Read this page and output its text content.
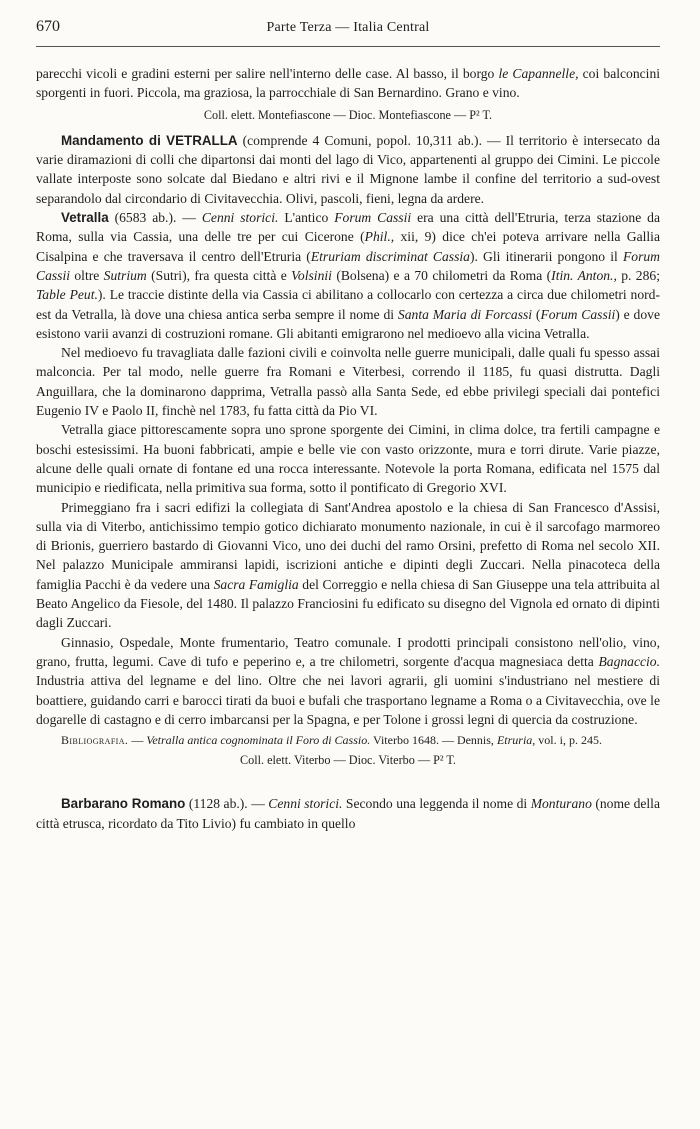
670	Parte Terza — Italia Central

parecchi vicoli e gradini esterni per salire nell'interno delle case. Al basso, il borgo le Capannelle, coi balconcini sporgenti in fuori. Piccola, ma graziosa, la parrocchiale di San Bernardino. Grano e vino.

Coll. elett. Montefiascone — Dioc. Montefiascone — P² T.

Mandamento di VETRALLA (comprende 4 Comuni, popol. 10,311 ab.). — Il territorio è intersecato da varie diramazioni di colli che dipartonsi dai monti del lago di Vico, appartenenti al gruppo dei Cimini. Le piccole vallate interposte sono solcate dal Biedano e altri rivi e il Mignone lambe il confine del territorio a sud-ovest separandolo dal circondario di Civitavecchia. Olivi, pascoli, fieni, legna da ardere.

Vetralla (6583 ab.). — Cenni storici. L'antico Forum Cassii era una città dell'Etruria, terza stazione da Roma, sulla via Cassia, una delle tre per cui Cicerone (Phil., xii, 9) dice ch'ei poteva arrivare nella Gallia Cisalpina e che traversava il centro dell'Etruria (Etruriam discriminat Cassia). Gli itinerarii pongono il Forum Cassii oltre Sutrium (Sutri), fra questa città e Volsinii (Bolsena) e a 70 chilometri da Roma (Itin. Anton., p. 286; Table Peut.). Le traccie distinte della via Cassia ci abilitano a collocarlo con certezza a circa due chilometri nord-est da Vetralla, là dove una chiesa antica serba sempre il nome di Santa Maria di Forcassi (Forum Cassii) e dove esistono varii avanzi di costruzioni romane. Gli abitanti emigrarono nel medioevo alla vicina Vetralla.

Nel medioevo fu travagliata dalle fazioni civili e coinvolta nelle guerre municipali, dalle quali fu spesso assai malconcia. Per tal modo, nelle guerre fra Romani e Viterbesi, correndo il 1185, fu quasi distrutta. Dagli Anguillara, che la dominarono dapprima, Vetralla passò alla Santa Sede, ed ebbe privilegi speciali dai pontefici Eugenio IV e Paolo II, finchè nel 1783, fu fatta città da Pio VI.

Vetralla giace pittorescamente sopra uno sprone sporgente dei Cimini, in clima dolce, tra fertili campagne e boschi estesissimi. Ha buoni fabbricati, ampie e belle vie con vasto orizzonte, mura e torri dirute. Varie piazze, alcune delle quali ornate di fontane ed una rocca interessante. Notevole la porta Romana, edificata nel 1575 dal municipio e riedificata, nella primitiva sua forma, sotto il pontificato di Gregorio XVI.

Primeggiano fra i sacri edifizi la collegiata di Sant'Andrea apostolo e la chiesa di San Francesco d'Assisi, sulla via di Viterbo, antichissimo tempio gotico dichiarato monumento nazionale, in cui è il sarcofago marmoreo di Brionis, guerriero bastardo di Giovanni Vico, uno dei duchi del ramo Orsini, prefetto di Roma nel secolo XII. Nel palazzo Municipale ammiransi lapidi, iscrizioni antiche e dipinti degli Zuccari. Nella pinacoteca della famiglia Pacchi è da vedere una Sacra Famiglia del Correggio e nella chiesa di San Giuseppe una tela attribuita al Beato Angelico da Fiesole, del 1480. Il palazzo Franciosini fu edificato su disegno del Vignola ed ornato di dipinti dagli Zuccari.

Ginnasio, Ospedale, Monte frumentario, Teatro comunale. I prodotti principali consistono nell'olio, vino, grano, frutta, legumi. Cave di tufo e peperino e, a tre chilometri, sorgente d'acqua magnesiaca detta Bagnaccio. Industria attiva del legname e del lino. Oltre che nei lavori agrarii, gli uomini s'industriano nel mestiere di boattiere, guidando carri e barocci tirati da buoi e bufali che trasportano legname a Roma o a Civitavecchia, ove le dogarelle di castagno e di cerro imbarcansi per la Spagna, e per Tolone i grossi legni di quercia da costruzione.

Bibliografia. — Vetralla antica cognominata il Foro di Cassio. Viterbo 1648. — Dennis, Etruria, vol. i, p. 245.

Coll. elett. Viterbo — Dioc. Viterbo — P² T.

Barbarano Romano (1128 ab.). — Cenni storici. Secondo una leggenda il nome di Monturano (nome della città etrusca, ricordato da Tito Livio) fu cambiato in quello
